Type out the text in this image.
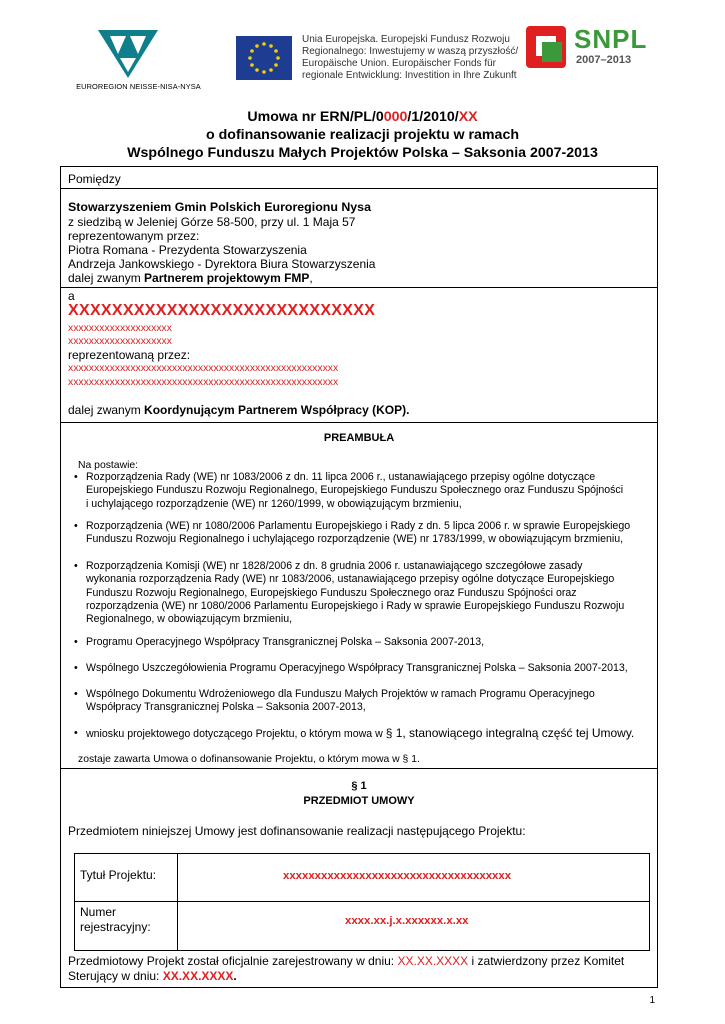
EUROREGION NEISSE-NISA-NYSA
Unia Europejska. Europejski Fundusz Rozwoju
Regionalnego: Inwestujemy w waszą przyszłość/
Europäische Union. Europäischer Fonds für
regionale Entwicklung: Investition in Ihre Zukunft
SNPL
2007–2013
Umowa nr ERN/PL/0000/1/2010/XX
o dofinansowanie realizacji projektu w ramach
Wspólnego Funduszu Małych Projektów Polska – Saksonia 2007-2013
Pomiędzy
Stowarzyszeniem Gmin Polskich Euroregionu Nysa
z siedzibą w Jeleniej Górze 58-500, przy ul. 1 Maja 57
reprezentowanym przez:
Piotra Romana - Prezydenta Stowarzyszenia
Andrzeja Jankowskiego - Dyrektora Biura Stowarzyszenia
dalej zwanym Partnerem projektowym FMP,
a
XXXXXXXXXXXXXXXXXXXXXXXXXXXX
xxxxxxxxxxxxxxxxxxxx
xxxxxxxxxxxxxxxxxxxx
reprezentowaną przez:
xxxxxxxxxxxxxxxxxxxxxxxxxxxxxxxxxxxxxxxxxxxxxxxxxxxx
xxxxxxxxxxxxxxxxxxxxxxxxxxxxxxxxxxxxxxxxxxxxxxxxxxxx
dalej zwanym Koordynującym Partnerem Współpracy (KOP).
PREAMBUŁA
Na postawie:
• Rozporządzenia Rady (WE) nr 1083/2006 z dn. 11 lipca 2006 r., ustanawiającego przepisy ogólne dotyczące
Europejskiego Funduszu Rozwoju Regionalnego, Europejskiego Funduszu Społecznego oraz Funduszu Spójności
i uchylającego rozporządzenie (WE) nr 1260/1999, w obowiązującym brzmieniu,
• Rozporządzenia (WE) nr 1080/2006 Parlamentu Europejskiego i Rady z dn. 5 lipca 2006 r. w sprawie Europejskiego
Funduszu Rozwoju Regionalnego i uchylającego rozporządzenie (WE) nr 1783/1999, w obowiązującym brzmieniu,
• Rozporządzenia Komisji (WE) nr 1828/2006 z dn. 8 grudnia 2006 r. ustanawiającego szczegółowe zasady
wykonania rozporządzenia Rady (WE) nr 1083/2006, ustanawiającego przepisy ogólne dotyczące Europejskiego
Funduszu Rozwoju Regionalnego, Europejskiego Funduszu Społecznego oraz Funduszu Spójności oraz
rozporządzenia (WE) nr 1080/2006 Parlamentu Europejskiego i Rady w sprawie Europejskiego Funduszu Rozwoju
Regionalnego, w obowiązującym brzmieniu,
• Programu Operacyjnego Współpracy Transgranicznej Polska – Saksonia 2007-2013,
• Wspólnego Uszczegółowienia Programu Operacyjnego Współpracy Transgranicznej Polska – Saksonia 2007-2013,
• Wspólnego Dokumentu Wdrożeniowego dla Funduszu Małych Projektów w ramach Programu Operacyjnego
Współpracy Transgranicznej Polska – Saksonia 2007-2013,
• wniosku projektowego dotyczącego Projektu, o którym mowa w § 1, stanowiącego integralną część tej Umowy.
zostaje zawarta Umowa o dofinansowanie Projektu, o którym mowa w § 1.
§ 1
PRZEDMIOT UMOWY
Przedmiotem niniejszej Umowy jest dofinansowanie realizacji następującego Projektu:
Tytuł Projektu:	xxxxxxxxxxxxxxxxxxxxxxxxxxxxxxxxxxxx
Numer
rejestracyjny:	xxxx.xx.j.x.xxxxxx.x.xx
Przedmiotowy Projekt został oficjalnie zarejestrowany w dniu: XX.XX.XXXX i zatwierdzony przez Komitet
Sterujący w dniu: XX.XX.XXXX.
1
